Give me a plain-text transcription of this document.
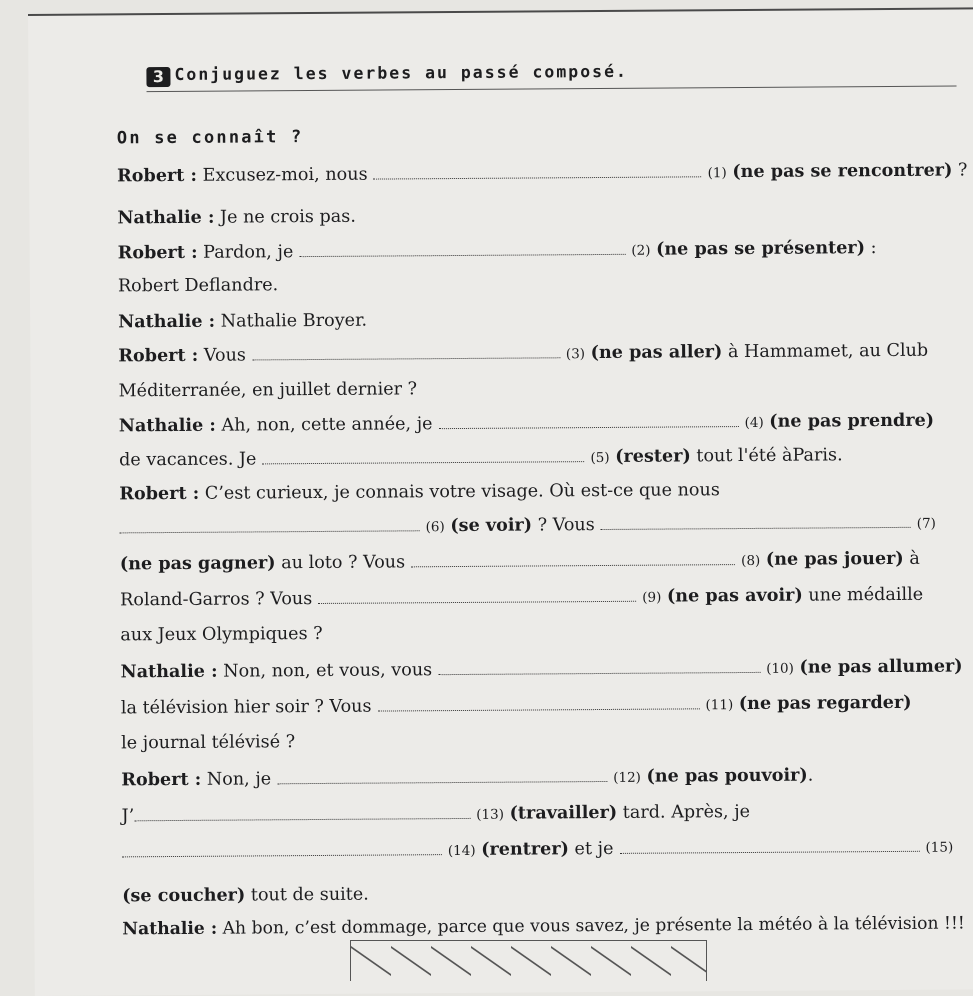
3 Conjuguez les verbes au passé composé.
On se connaît ?
Robert : Excusez-moi, nous	(1) (ne pas se rencontrer) ?
Nathalie : Je ne crois pas.
Robert : Pardon, je	(2) (ne pas se présenter) :
Robert Deflandre.
Nathalie : Nathalie Broyer.
Robert : Vous	(3) (ne pas aller) à Hammamet, au Club
Méditerranée, en juillet dernier ?
Nathalie : Ah, non, cette année, je	(4) (ne pas prendre)
de vacances. Je	(5) (rester) tout l'été àParis.
Robert : C’est curieux, je connais votre visage. Où est-ce que nous
(6) (se voir) ? Vous	(7)
(ne pas gagner) au loto ? Vous	(8) (ne pas jouer) à
Roland-Garros ? Vous	(9) (ne pas avoir) une médaille
aux Jeux Olympiques ?
Nathalie : Non, non, et vous, vous	(10) (ne pas allumer)
la télévision hier soir ? Vous	(11) (ne pas regarder)
le journal télévisé ?
Robert : Non, je	(12) (ne pas pouvoir).
J’	(13) (travailler) tard. Après, je
(14) (rentrer) et je	(15)
(se coucher) tout de suite.
Nathalie : Ah bon, c’est dommage, parce que vous savez, je présente la météo à la télévision !!!
